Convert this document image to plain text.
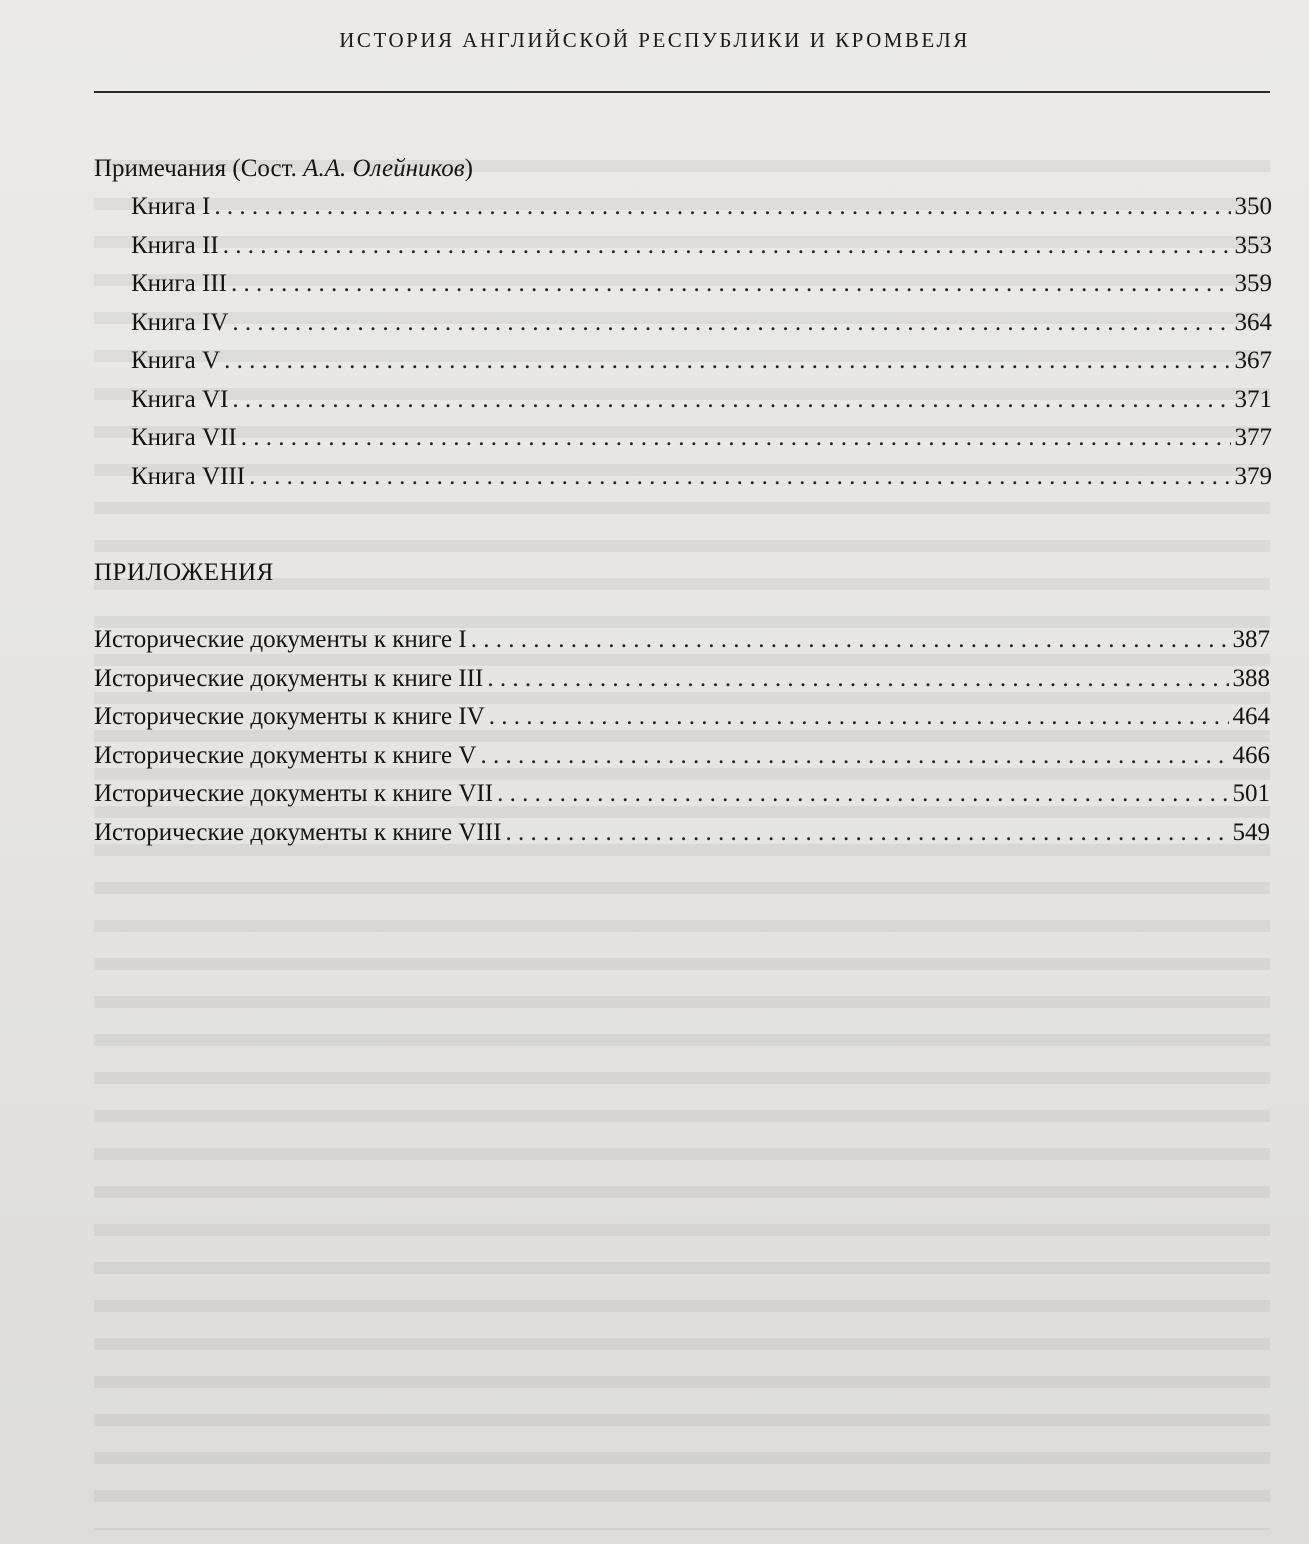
ИСТОРИЯ АНГЛИЙСКОЙ РЕСПУБЛИКИ И КРОМВЕЛЯ
Примечания (Сост. А.А. Олейников)
Книга I . . .	350
Книга II . . .	353
Книга III . . .	359
Книга IV . . .	364
Книга V . . .	367
Книга VI . . .	371
Книга VII . . .	377
Книга VIII . . .	379
ПРИЛОЖЕНИЯ
Исторические документы к книге I . . .	387
Исторические документы к книге III . . .	388
Исторические документы к книге IV . . .	464
Исторические документы к книге V . . .	466
Исторические документы к книге VII . . .	501
Исторические документы к книге VIII . . .	549
